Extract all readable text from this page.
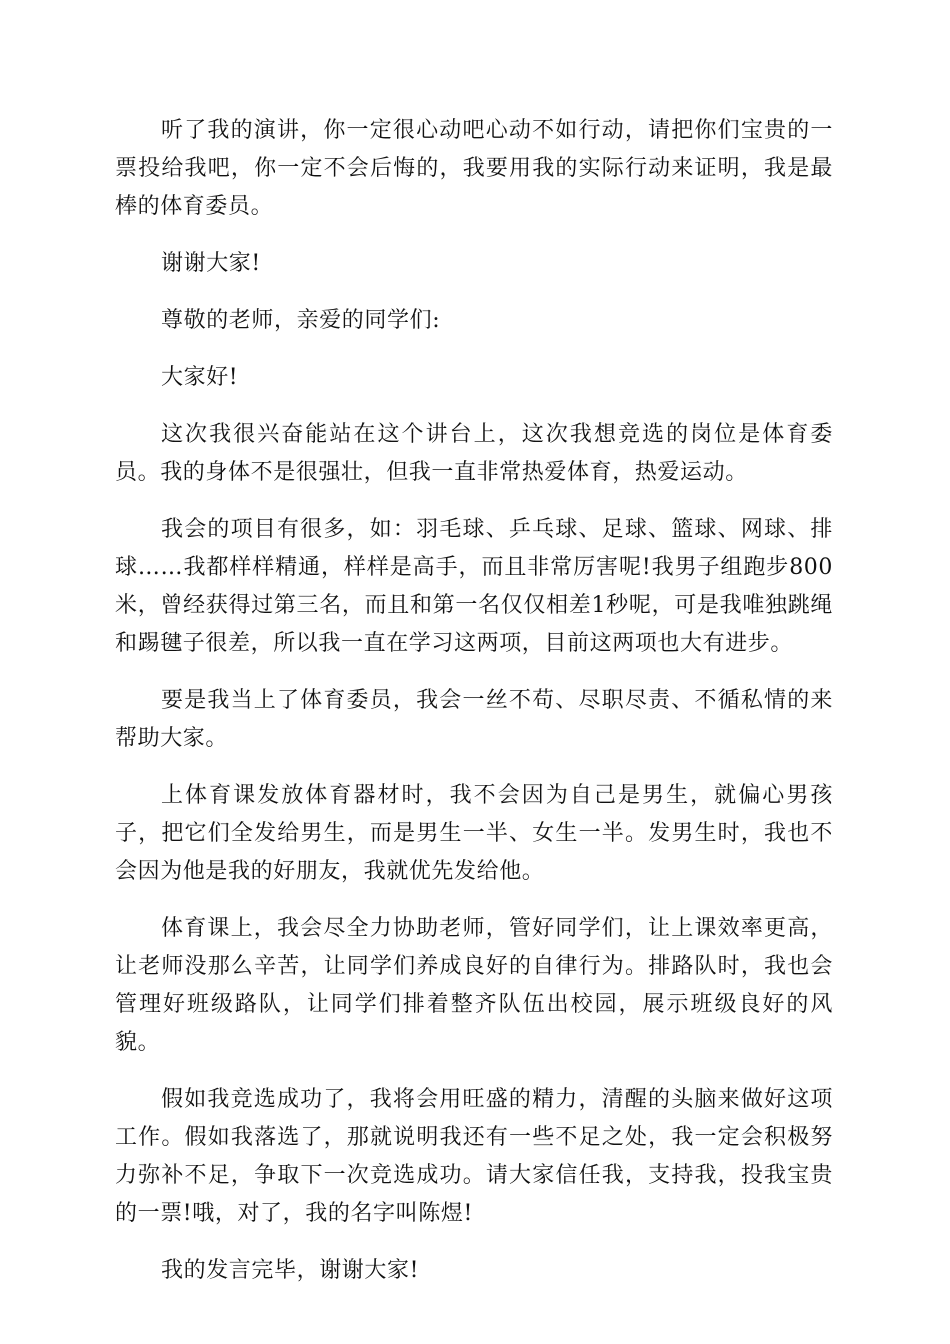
听了我的演讲，你一定很心动吧心动不如行动，请把你们宝贵的一票投给我吧，你一定不会后悔的，我要用我的实际行动来证明，我是最棒的体育委员。

谢谢大家!

尊敬的老师，亲爱的同学们:

大家好!

这次我很兴奋能站在这个讲台上，这次我想竞选的岗位是体育委员。我的身体不是很强壮，但我一直非常热爱体育，热爱运动。

我会的项目有很多，如：羽毛球、乒乓球、足球、篮球、网球、排球……我都样样精通，样样是高手，而且非常厉害呢!我男子组跑步800米，曾经获得过第三名，而且和第一名仅仅相差1秒呢，可是我唯独跳绳和踢毽子很差，所以我一直在学习这两项，目前这两项也大有进步。

要是我当上了体育委员，我会一丝不苟、尽职尽责、不循私情的来帮助大家。

上体育课发放体育器材时，我不会因为自己是男生，就偏心男孩子，把它们全发给男生，而是男生一半、女生一半。发男生时，我也不会因为他是我的好朋友，我就优先发给他。

体育课上，我会尽全力协助老师，管好同学们，让上课效率更高，让老师没那么辛苦，让同学们养成良好的自律行为。排路队时，我也会管理好班级路队，让同学们排着整齐队伍出校园，展示班级良好的风貌。

假如我竞选成功了，我将会用旺盛的精力，清醒的头脑来做好这项工作。假如我落选了，那就说明我还有一些不足之处，我一定会积极努力弥补不足，争取下一次竞选成功。请大家信任我，支持我，投我宝贵的一票!哦，对了，我的名字叫陈煜!

我的发言完毕，谢谢大家!
